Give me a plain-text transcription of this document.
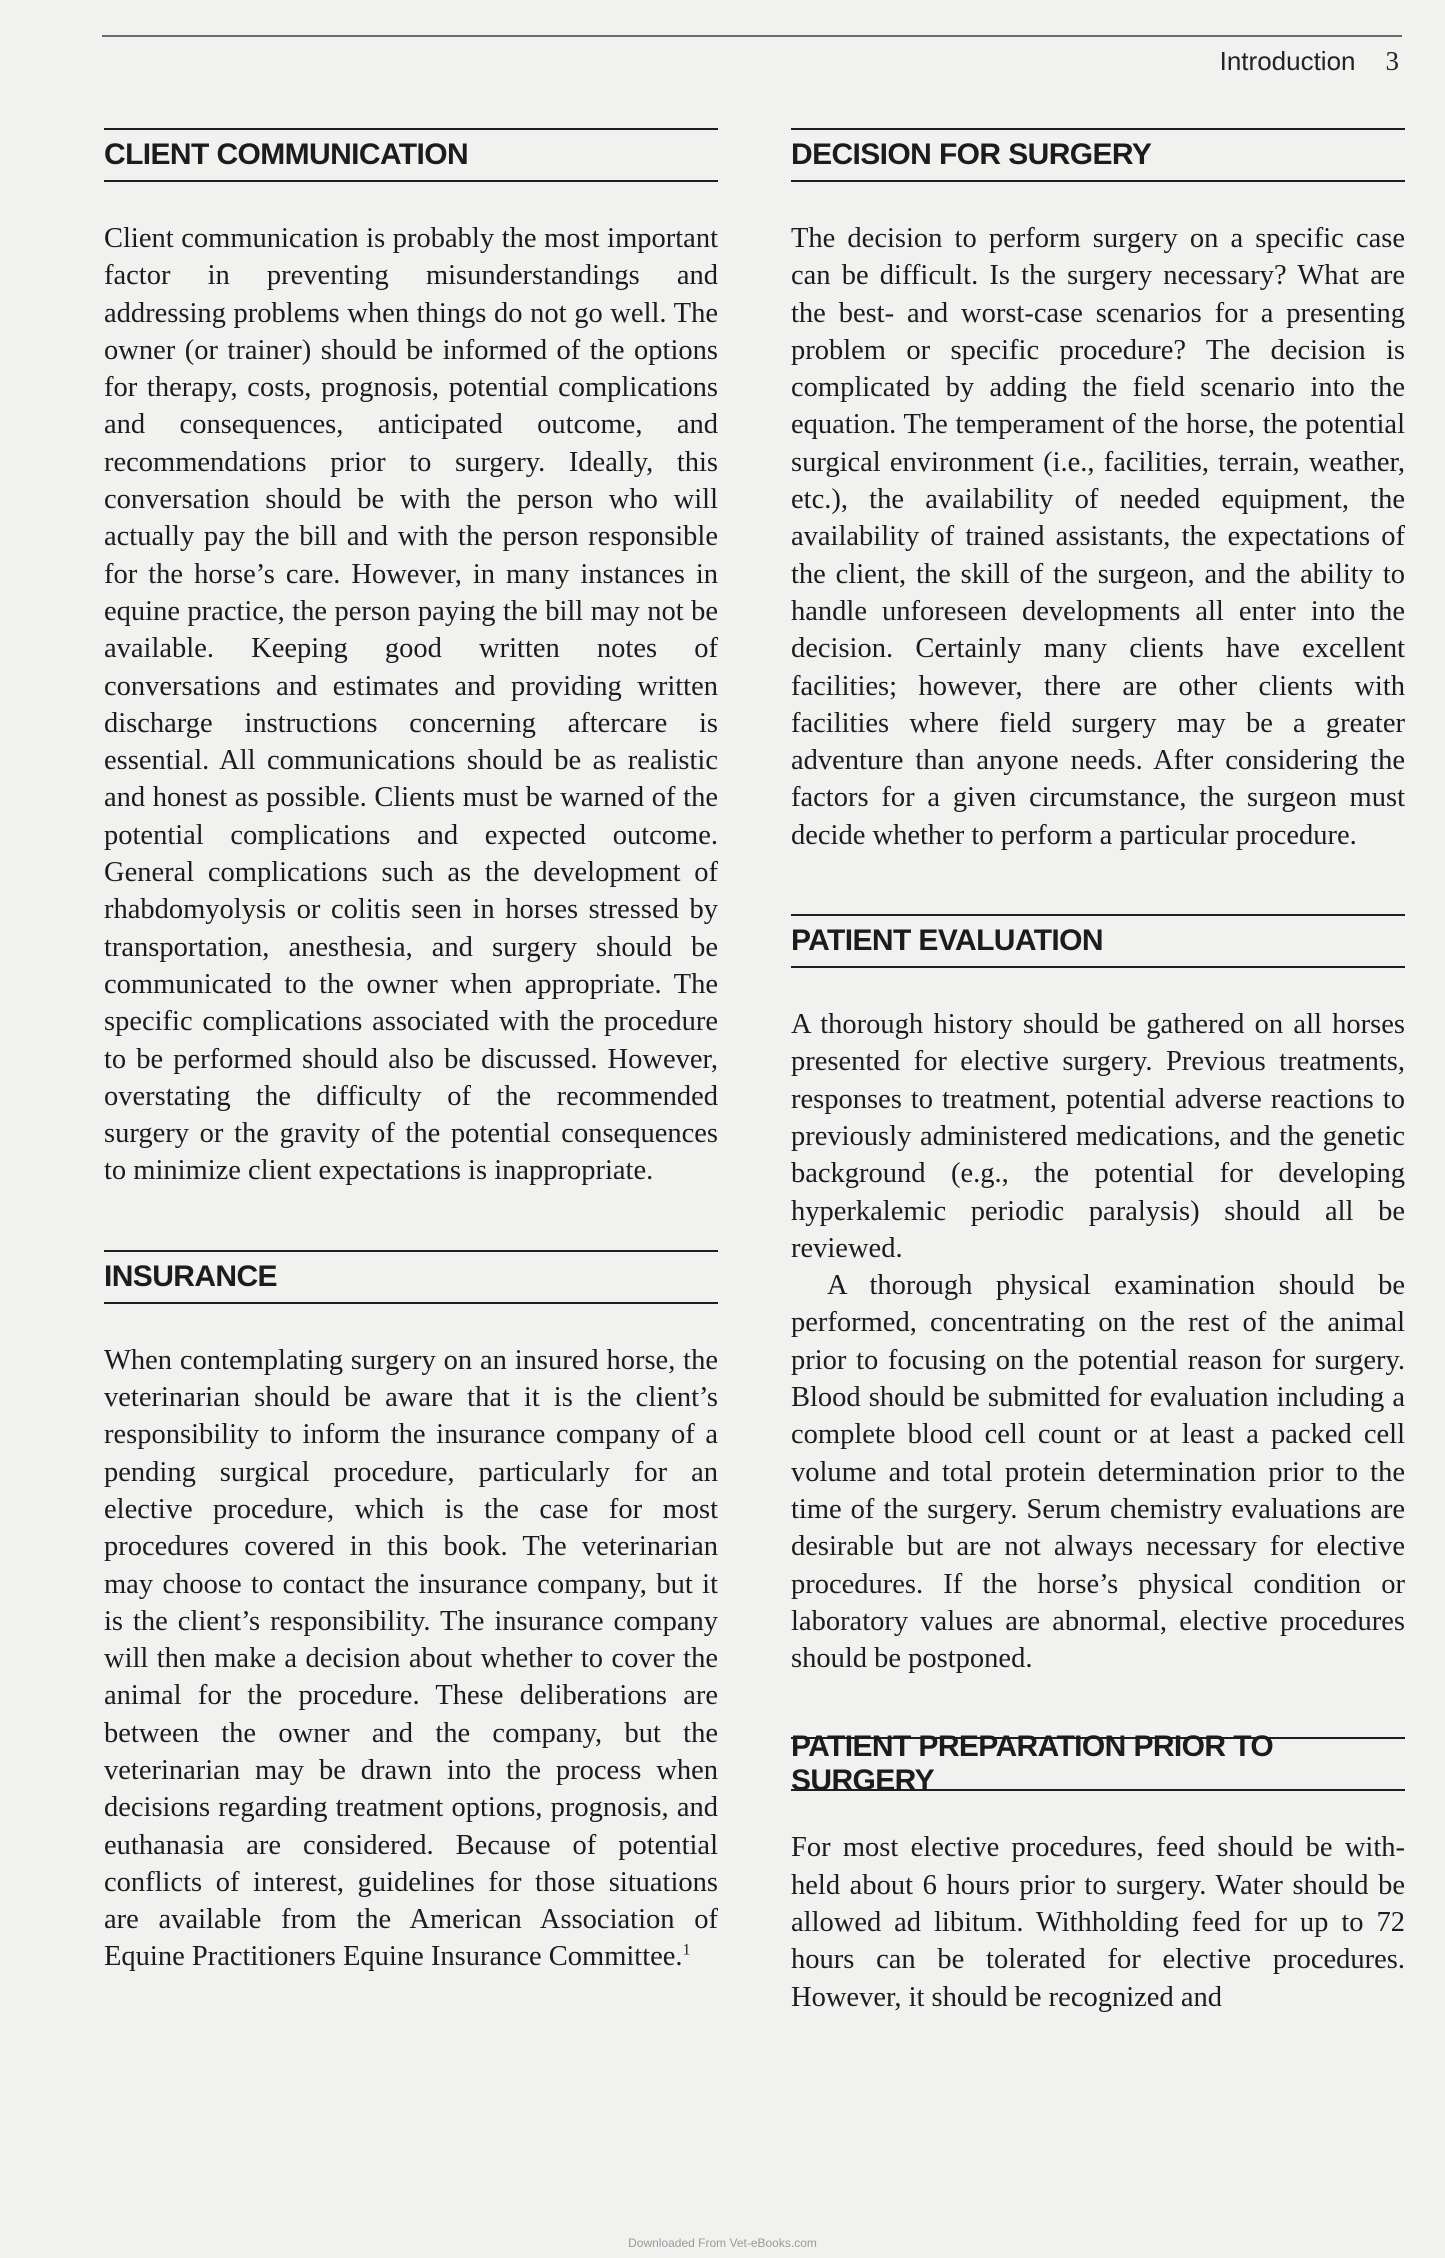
Introduction 3
CLIENT COMMUNICATION

Client communication is probably the most important factor in preventing misunderstandings and addressing problems when things do not go well. The owner (or trainer) should be informed of the options for therapy, costs, prognosis, potential complications and consequences, anticipated outcome, and recommendations prior to surgery. Ideally, this conversation should be with the person who will actually pay the bill and with the person responsible for the horse’s care. However, in many instances in equine practice, the person paying the bill may not be available. Keeping good written notes of conversations and estimates and providing written discharge instructions concerning aftercare is essential. All communications should be as realistic and honest as possible. Clients must be warned of the potential complications and expected outcome. General complications such as the development of rhabdomyolysis or colitis seen in horses stressed by transportation, anesthesia, and surgery should be communicated to the owner when appropriate. The specific complications associated with the procedure to be performed should also be discussed. However, overstating the difficulty of the recommended surgery or the gravity of the potential consequences to minimize client expectations is inappropriate.

INSURANCE

When contemplating surgery on an insured horse, the veterinarian should be aware that it is the client’s responsibility to inform the insurance company of a pending surgical procedure, particularly for an elective procedure, which is the case for most procedures covered in this book. The veterinarian may choose to contact the insurance company, but it is the client’s responsibility. The insurance company will then make a decision about whether to cover the animal for the procedure. These deliberations are between the owner and the company, but the veterinarian may be drawn into the process when decisions regarding treatment options, prognosis, and euthanasia are considered. Because of potential conflicts of interest, guidelines for those situations are available from the American Association of Equine Practitioners Equine Insurance Committee.$^1$

DECISION FOR SURGERY

The decision to perform surgery on a specific case can be difficult. Is the surgery necessary? What are the best- and worst-case scenarios for a presenting problem or specific procedure? The decision is complicated by adding the field scenario into the equation. The temperament of the horse, the potential surgical environment (i.e., facilities, terrain, weather, etc.), the availability of needed equipment, the availability of trained assistants, the expectations of the client, the skill of the surgeon, and the ability to handle unforeseen developments all enter into the decision. Certainly many clients have excellent facilities; however, there are other clients with facilities where field surgery may be a greater adventure than anyone needs. After considering the factors for a given circumstance, the surgeon must decide whether to perform a particular procedure.

PATIENT EVALUATION

A thorough history should be gathered on all horses presented for elective surgery. Previous treatments, responses to treatment, potential adverse reactions to previously administered medications, and the genetic background (e.g., the potential for developing hyperkalemic periodic paralysis) should all be reviewed.

A thorough physical examination should be performed, concentrating on the rest of the animal prior to focusing on the potential reason for surgery. Blood should be submitted for evaluation including a complete blood cell count or at least a packed cell volume and total protein determination prior to the time of the surgery. Serum chemistry evaluations are desirable but are not always necessary for elective procedures. If the horse’s physical condition or laboratory values are abnormal, elective procedures should be postponed.

PATIENT PREPARATION PRIOR TO SURGERY

For most elective procedures, feed should be withheld about 6 hours prior to surgery. Water should be allowed ad libitum. Withholding feed for up to 72 hours can be tolerated for elective procedures. However, it should be recognized and

Downloaded From Vet-eBooks.com
